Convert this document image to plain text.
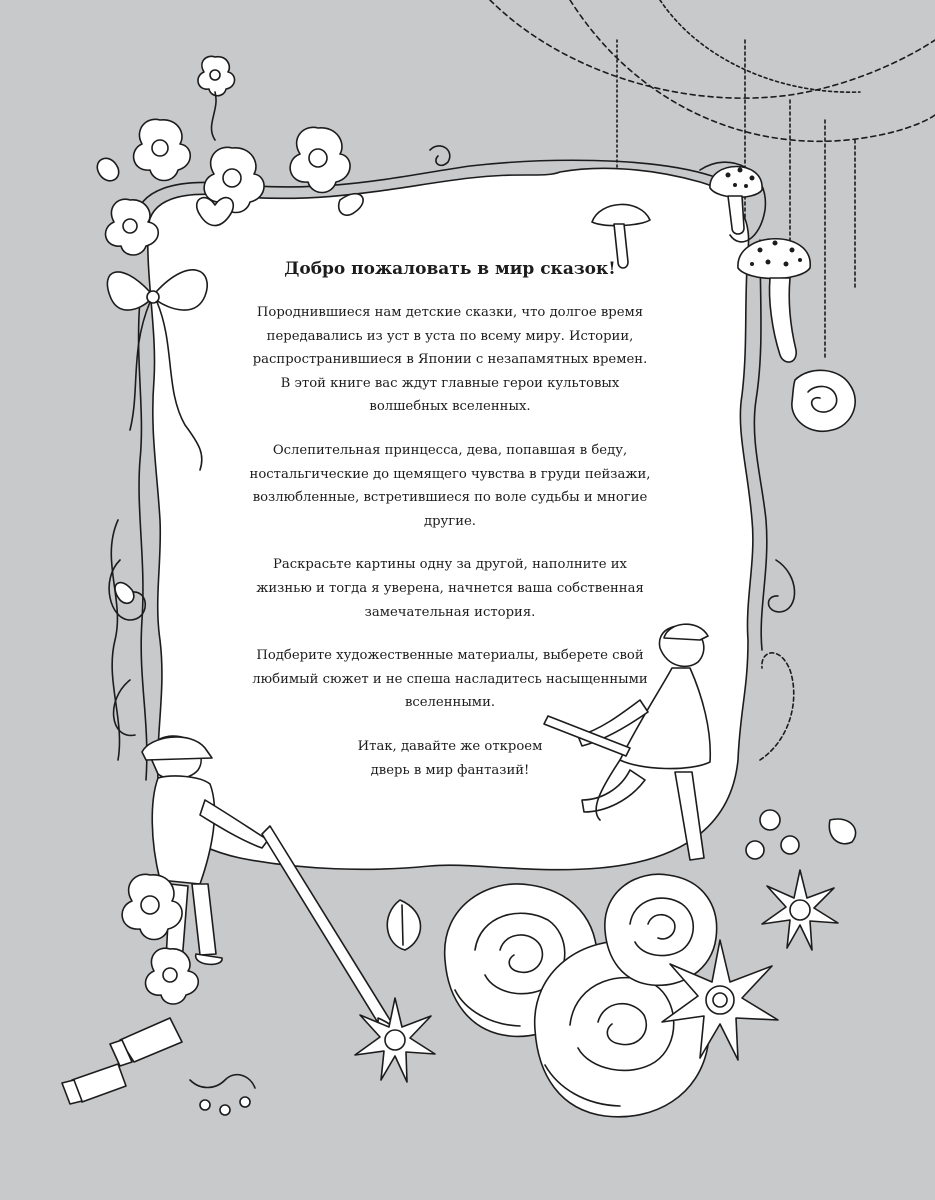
Добро пожаловать в мир сказок!

Породнившиеся нам детские сказки, что долгое время
передавались из уст в уста по всему миру. Истории,
распространившиеся в Японии с незапамятных времен.
В этой книге вас ждут главные герои культовых
волшебных вселенных.

Ослепительная принцесса, дева, попавшая в беду,
ностальгические до щемящего чувства в груди пейзажи,
возлюбленные, встретившиеся по воле судьбы и многие
другие.

Раскрасьте картины одну за другой, наполните их
жизнью и тогда я уверена, начнется ваша собственная
замечательная история.

Подберите художественные материалы, выберете свой
любимый сюжет и не спеша насладитесь насыщенными
вселенными.

Итак, давайте же откроем
дверь в мир фантазий!
